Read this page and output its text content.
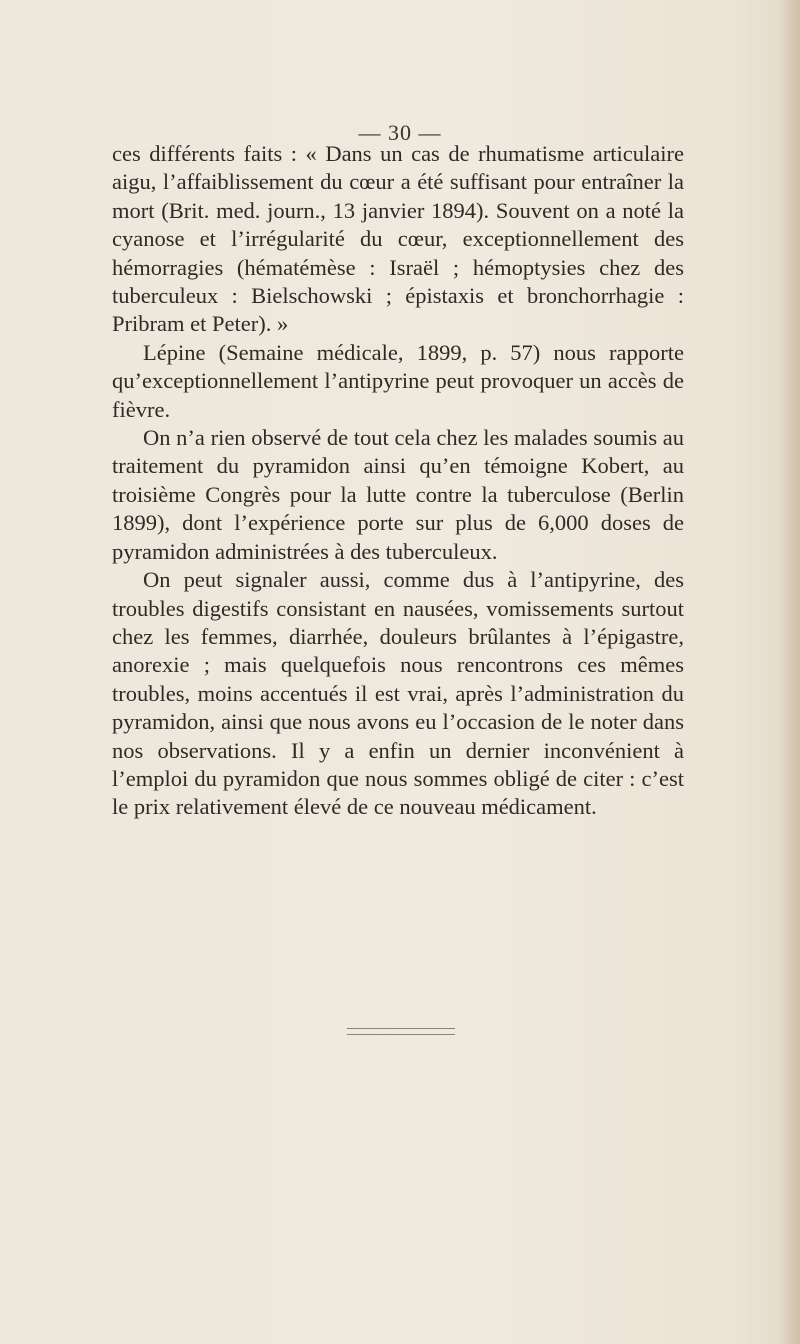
— 30 —

ces différents faits : « Dans un cas de rhumatisme articulaire aigu, l’affaiblissement du cœur a été suffisant pour entraîner la mort (Brit. med. journ., 13 janvier 1894). Souvent on a noté la cyanose et l’irrégularité du cœur, exceptionnellement des hémorragies (hématémèse : Israël ; hémoptysies chez des tuberculeux : Bielschowski ; épistaxis et bronchorrhagie : Pribram et Peter). »

Lépine (Semaine médicale, 1899, p. 57) nous rapporte qu’exceptionnellement l’antipyrine peut provoquer un accès de fièvre.

On n’a rien observé de tout cela chez les malades soumis au traitement du pyramidon ainsi qu’en témoigne Kobert, au troisième Congrès pour la lutte contre la tuberculose (Berlin 1899), dont l’expérience porte sur plus de 6,000 doses de pyramidon administrées à des tuberculeux.

On peut signaler aussi, comme dus à l’antipyrine, des troubles digestifs consistant en nausées, vomissements surtout chez les femmes, diarrhée, douleurs brûlantes à l’épigastre, anorexie ; mais quelquefois nous rencontrons ces mêmes troubles, moins accentués il est vrai, après l’administration du pyramidon, ainsi que nous avons eu l’occasion de le noter dans nos observations. Il y a enfin un dernier inconvénient à l’emploi du pyramidon que nous sommes obligé de citer : c’est le prix relativement élevé de ce nouveau médicament.
